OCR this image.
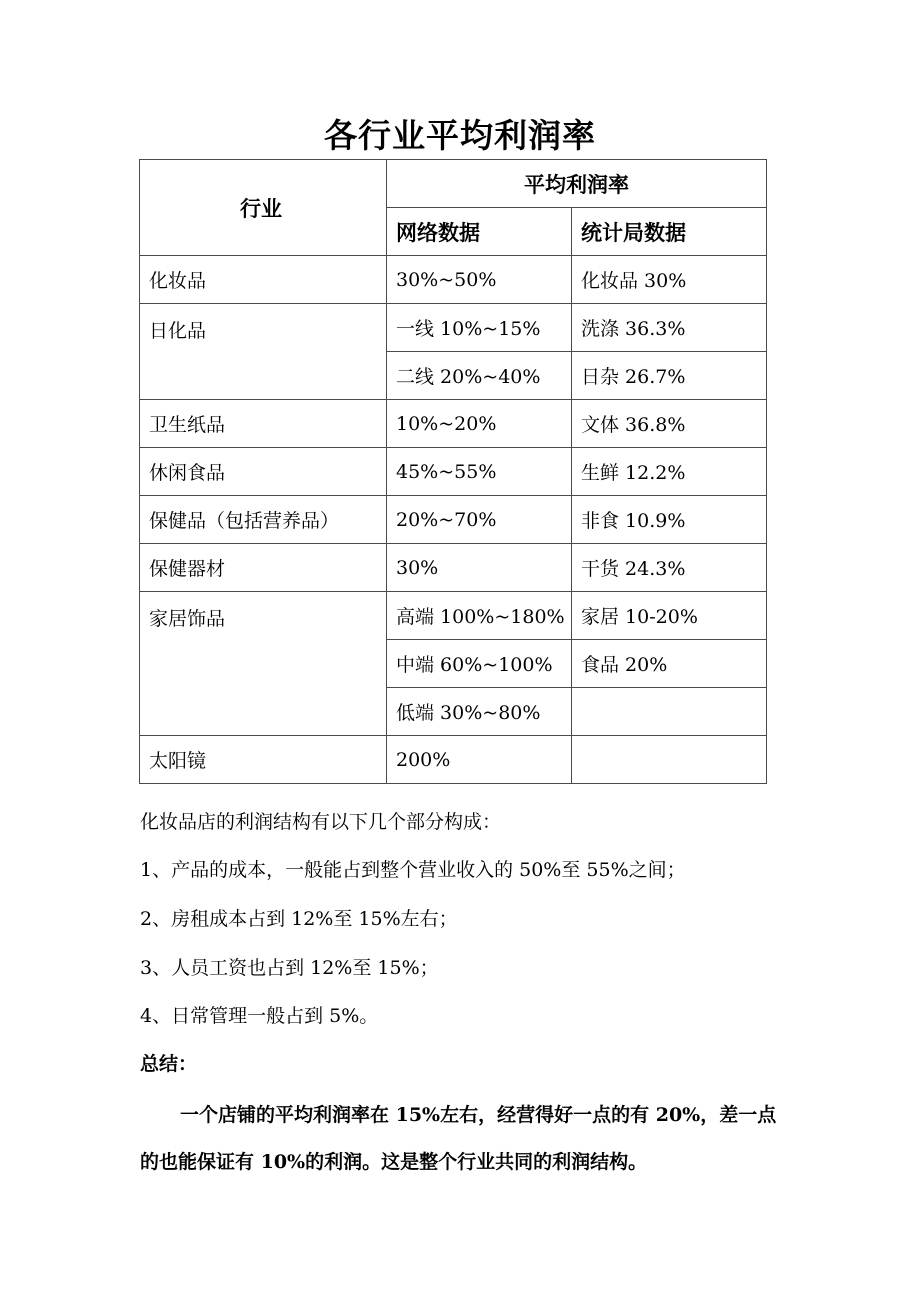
各行业平均利润率
行业	平均利润率	
	网络数据	统计局数据
化妆品	30%~50%	化妆品 30%
日化品	一线 10%~15%	洗涤 36.3%
	二线 20%~40%	日杂 26.7%
卫生纸品	10%~20%	文体 36.8%
休闲食品	45%~55%	生鲜 12.2%
保健品（包括营养品）	20%~70%	非食 10.9%
保健器材	30%	干货 24.3%
家居饰品	高端 100%~180%	家居 10-20%
	中端 60%~100%	食品 20%
	低端 30%~80%	
太阳镜	200%	
化妆品店的利润结构有以下几个部分构成：
1、产品的成本，一般能占到整个营业收入的 50%至 55%之间；
2、房租成本占到 12%至 15%左右；
3、人员工资也占到 12%至 15%；
4、日常管理一般占到 5%。
总结：
一个店铺的平均利润率在 15%左右，经营得好一点的有 20%，差一点的也能保证有 10%的利润。这是整个行业共同的利润结构。
